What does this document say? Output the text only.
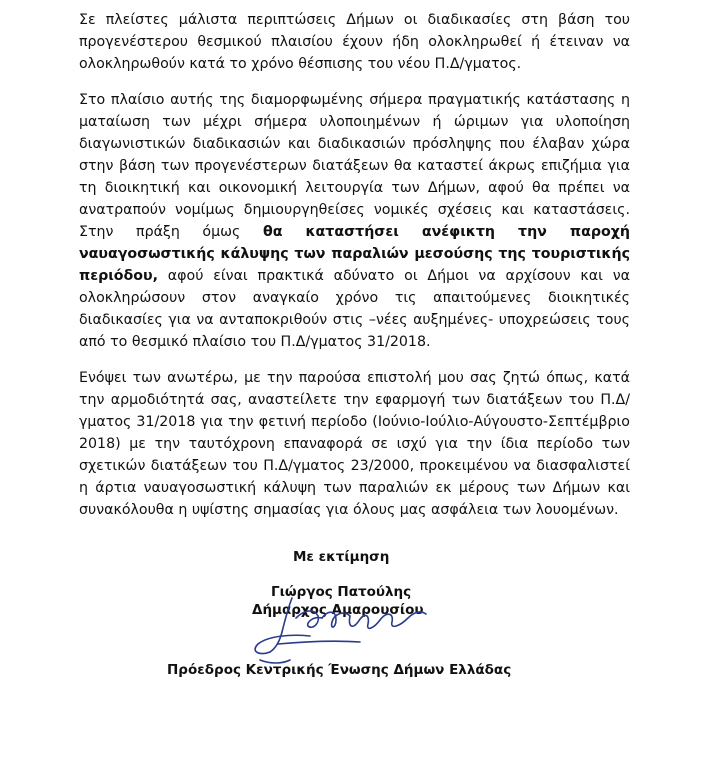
Σε πλείστες μάλιστα περιπτώσεις Δήμων οι διαδικασίες στη βάση του προγενέστερου θεσμικού πλαισίου έχουν ήδη ολοκληρωθεί ή έτειναν να ολοκληρωθούν κατά το χρόνο θέσπισης του νέου Π.Δ/γματος.

Στο πλαίσιο αυτής της διαμορφωμένης σήμερα πραγματικής κατάστασης η ματαίωση των μέχρι σήμερα υλοποιημένων ή ώριμων για υλοποίηση διαγωνιστικών διαδικασιών και διαδικασιών πρόσληψης που έλαβαν χώρα στην βάση των προγενέστερων διατάξεων θα καταστεί άκρως επιζήμια για τη διοικητική και οικονομική λειτουργία των Δήμων, αφού θα πρέπει να ανατραπούν νομίμως δημιουργηθείσες νομικές σχέσεις και καταστάσεις. Στην πράξη όμως θα καταστήσει ανέφικτη την παροχή ναυαγοσωστικής κάλυψης των παραλιών μεσούσης της τουριστικής περιόδου, αφού είναι πρακτικά αδύνατο οι Δήμοι να αρχίσουν και να ολοκληρώσουν στον αναγκαίο χρόνο τις απαιτούμενες διοικητικές διαδικασίες για να ανταποκριθούν στις –νέες αυξημένες- υποχρεώσεις τους από το θεσμικό πλαίσιο του Π.Δ/γματος 31/2018.

Ενόψει των ανωτέρω, με την παρούσα επιστολή μου σας ζητώ όπως, κατά την αρμοδιότητά σας, αναστείλετε την εφαρμογή των διατάξεων του Π.Δ/γματος 31/2018 για την φετινή περίοδο (Ιούνιο-Ιούλιο-Αύγουστο-Σεπτέμβριο 2018) με την ταυτόχρονη επαναφορά σε ισχύ για την ίδια περίοδο των σχετικών διατάξεων του Π.Δ/γματος 23/2000, προκειμένου να διασφαλιστεί η άρτια ναυαγοσωστική κάλυψη των παραλιών εκ μέρους των Δήμων και συνακόλουθα η υψίστης σημασίας για όλους μας ασφάλεια των λουομένων.

Με εκτίμηση
Γιώργος Πατούλης
Δήμαρχος Αμαρουσίου
Πρόεδρος Κεντρικής Ένωσης Δήμων Ελλάδας
